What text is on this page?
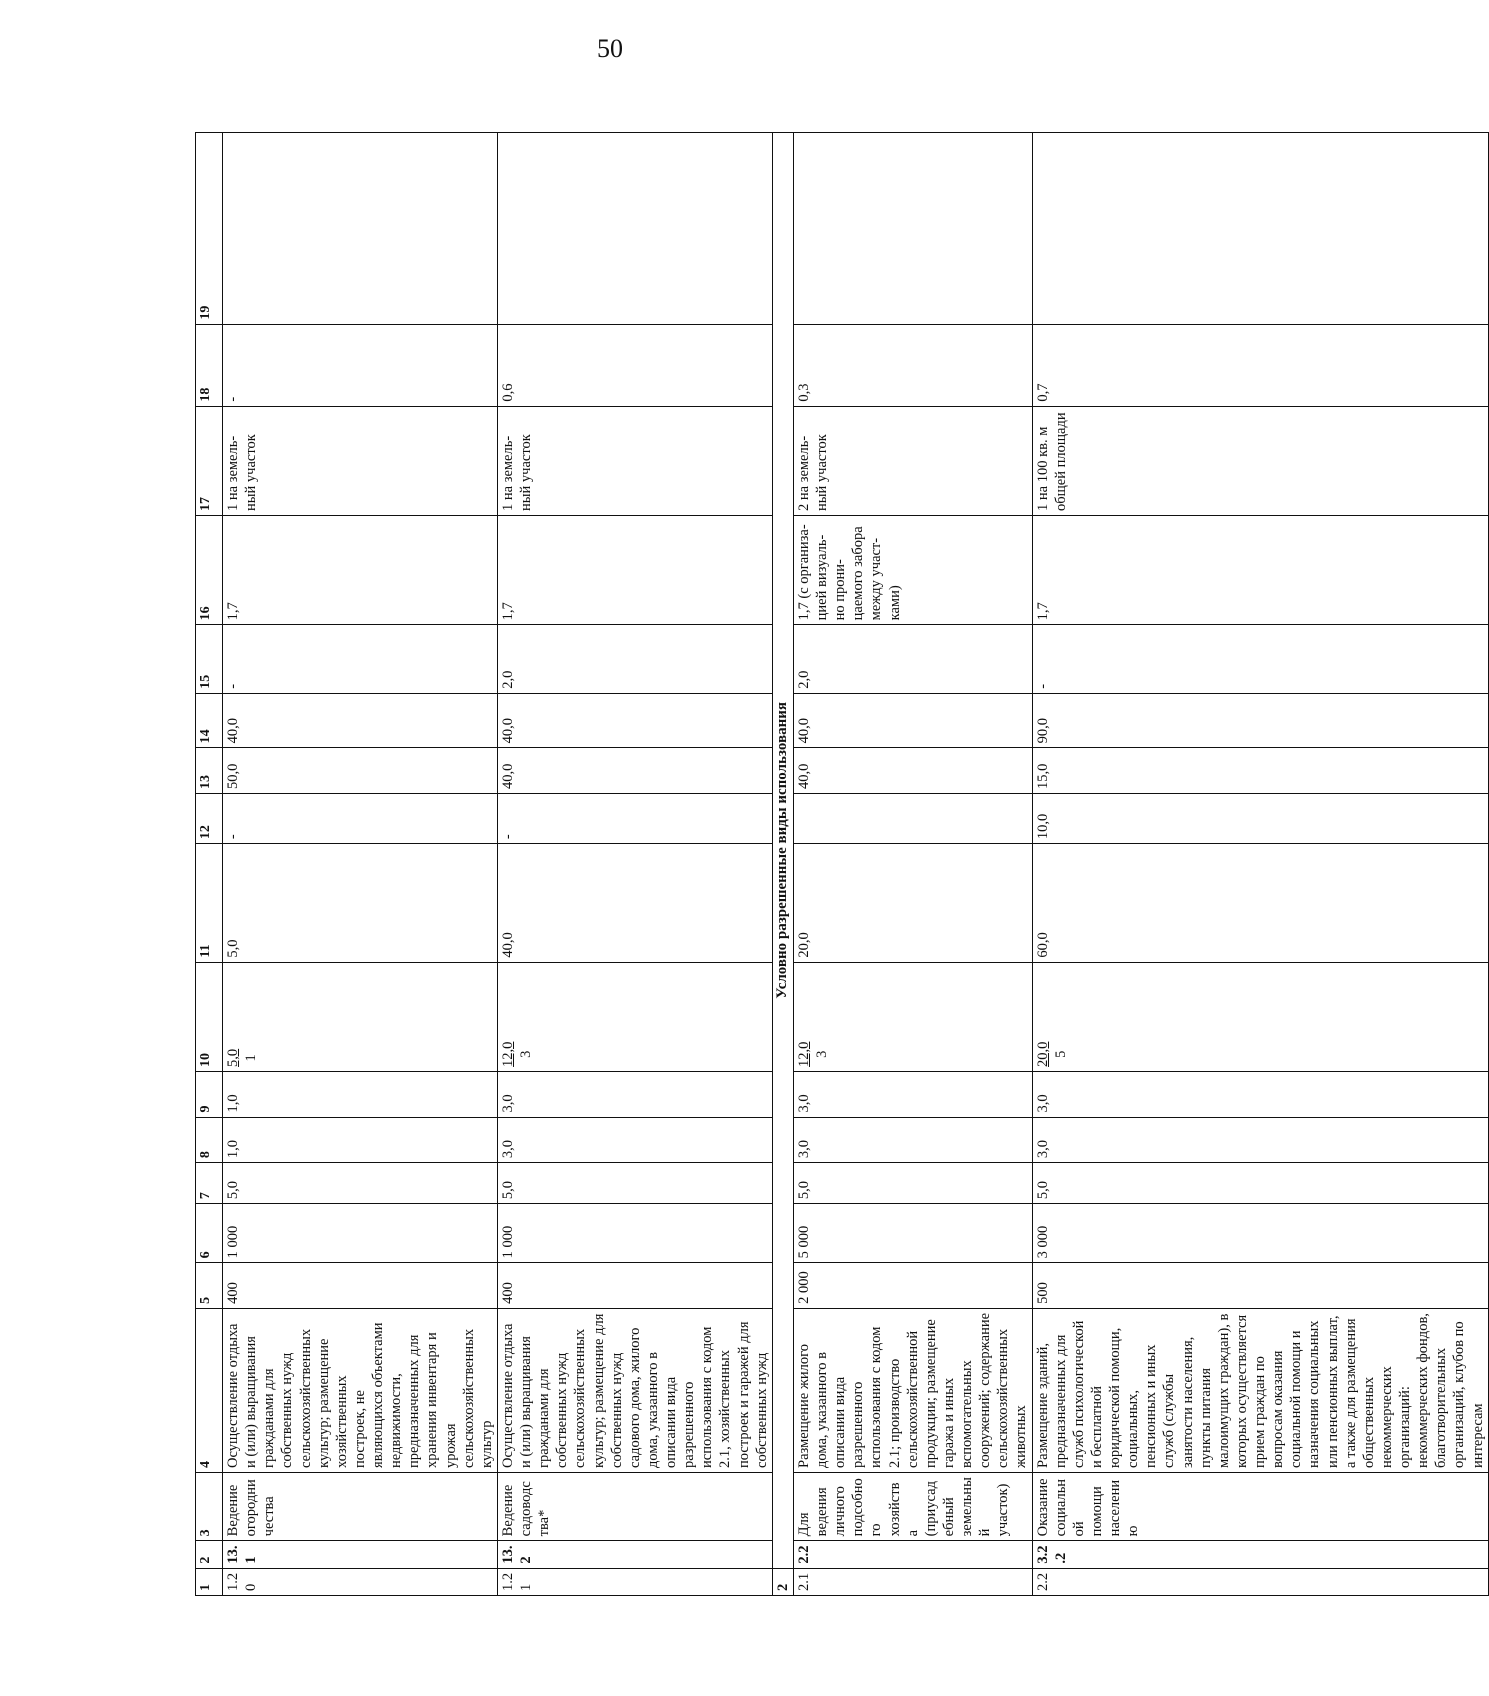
50
1	2	3	4	5	6	7	8	9	10	11	12	13	14	15	16	17	18	19
1.20	13.1	Ведение огородничества	Осуществление отдыха и (или) выращивания гражданами для собственных нужд сельскохозяйственных культур; размещение хозяйственных построек, не являющихся объектами недвижимости, предназначенных для хранения инвентаря и урожая сельскохозяйственных культур	400	1 000	5,0	1,0	1,0	5,0 1	5,0	-	50,0	40,0	-	1,7	1 на земель-ный участок	-	
1.21	13.2	Ведение садоводства*	Осуществление отдыха и (или) выращивания гражданами для собственных нужд сельскохозяйственных культур; размещение для собственных нужд садового дома, жилого дома, указанного в описании вида разрешенного использования с кодом 2.1, хозяйственных построек и гаражей для собственных нужд	400	1 000	5,0	3,0	3,0	12,0 3	40,0	-	40,0	40,0	2,0	1,7	1 на земель-ный участок	0,6	
2	Условно разрешенные виды использования																	
2.1	2.2	Для ведения личного подсобного хозяйства (приусадебный земельный участок)	Размещение жилого дома, указанного в описании вида разрешенного использования с кодом 2.1; производство сельскохозяйственной продукции; размещение гаража и иных вспомогательных сооружений; содержание сельскохозяйственных животных	2 000	5 000	5,0	3,0	3,0	12,0 3	20,0		40,0	40,0	2,0	1,7 (с организа-цией визуаль-но прони-цаемого забора между участ-ками)	2 на земель-ный участок	0,3	
2.2	3.2.2	Оказание социальной помощи населению	Размещение зданий, предназначенных для служб психологической и бесплатной юридической помощи, социальных, пенсионных и иных служб (службы занятости населения, пункты питания малоимущих граждан), в которых осуществляется прием граждан по вопросам оказания социальной помощи и назначения социальных или пенсионных выплат, а также для размещения общественных некоммерческих организаций: некоммерческих фондов, благотворительных организаций, клубов по интересам	500	3 000	5,0	3,0	3,0	20,0 5	60,0	10,0	15,0	90,0	-	1,7	1 на 100 кв. м общей площади	0,7	
